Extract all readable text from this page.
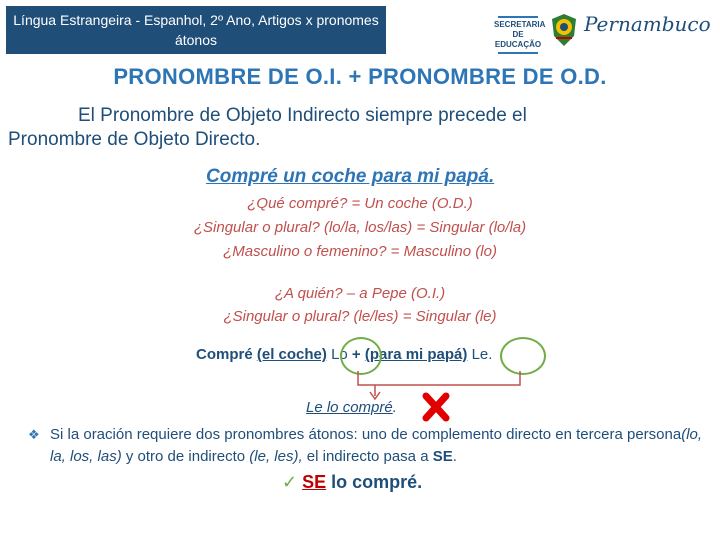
Língua Estrangeira - Espanhol, 2º Ano, Artigos x pronomes átonos
SECRETARIA DE EDUCAÇÃO
Pernambuco
PRONOMBRE DE O.I. + PRONOMBRE DE O.D.
El Pronombre de Objeto Indirecto siempre precede el Pronombre de Objeto Directo.
Compré un coche para mi papá.
¿Qué compré? = Un coche (O.D.)
¿Singular o plural? (lo/la, los/las) = Singular (lo/la)
¿Masculino o femenino? = Masculino (lo)
¿A quién? – a Pepe (O.I.)
¿Singular o plural? (le/les) = Singular (le)
Compré (el coche) Lo + (para mi papá) Le.
Le lo compré.
❖ Si la oración requiere dos pronombres átonos: uno de complemento directo en tercera persona(lo, la, los, las) y otro de indirecto (le, les), el indirecto pasa a SE.
✓ SE lo compré.
